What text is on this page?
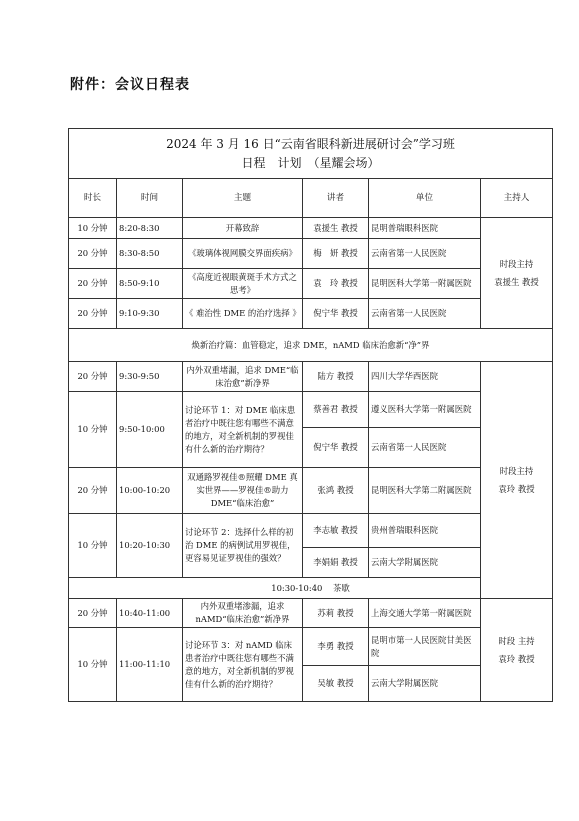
附件：会议日程表
2024 年 3 月 16 日“云南省眼科新进展研讨会”学习班
日程　计划　（星耀会场）					

时长	时间	主题	讲者	单位	主持人
10 分钟	8:20-8:30	开幕致辞	袁援生 教授	昆明普瑞眼科医院	时段主持
袁援生 教授

20 分钟	8:30-8:50	《玻璃体视网膜交界面疾病》	梅　妍 教授	云南省第一人民医院	
20 分钟	8:50-9:10	《高度近视眼黄斑手术方式之思考》	袁　玲 教授	昆明医科大学第一附属医院	
20 分钟	9:10-9:30	《 难治性 DME 的治疗选择 》	倪宁华 教授	云南省第一人民医院	
焕新治疗篇：血管稳定，追求 DME，nAMD 临床治愈新“净”界					
20 分钟	9:30-9:50	内外双重堵漏，追求 DME“临床治愈”新净界	陆方 教授	四川大学华西医院	时段主持
袁玲 教授

10 分钟	9:50-10:00	讨论环节 1：对 DME 临床患者治疗中既往您有哪些不满意的地方，对全新机制的罗视佳有什么新的治疗期待？	蔡善君 教授	遵义医科大学第一附属医院	
			倪宁华 教授	云南省第一人民医院	
20 分钟	10:00-10:20	双通路罗视佳®照耀 DME 真实世界——罗视佳®助力 DME“临床治愈”	张鸿 教授	昆明医科大学第二附属医院	
10 分钟	10:20-10:30	讨论环节 2：选择什么样的初治 DME 的病例试用罗视佳，更容易见证罗视佳的强效？	李志敏 教授	贵州普瑞眼科医院	
			李娟娟 教授	云南大学附属医院	
10:30-10:40 茶歇					
20 分钟	10:40-11:00	内外双重堵渗漏，追求 nAMD“临床治愈”新净界	苏莉 教授	上海交通大学第一附属医院	时段 主持
袁玲 教授

10 分钟	11:00-11:10	讨论环节 3：对 nAMD 临床患者治疗中既往您有哪些不满意的地方，对全新机制的罗视佳有什么新的治疗期待？	李勇 教授	昆明市第一人民医院甘美医院	
			吴敏 教授	云南大学附属医院	
